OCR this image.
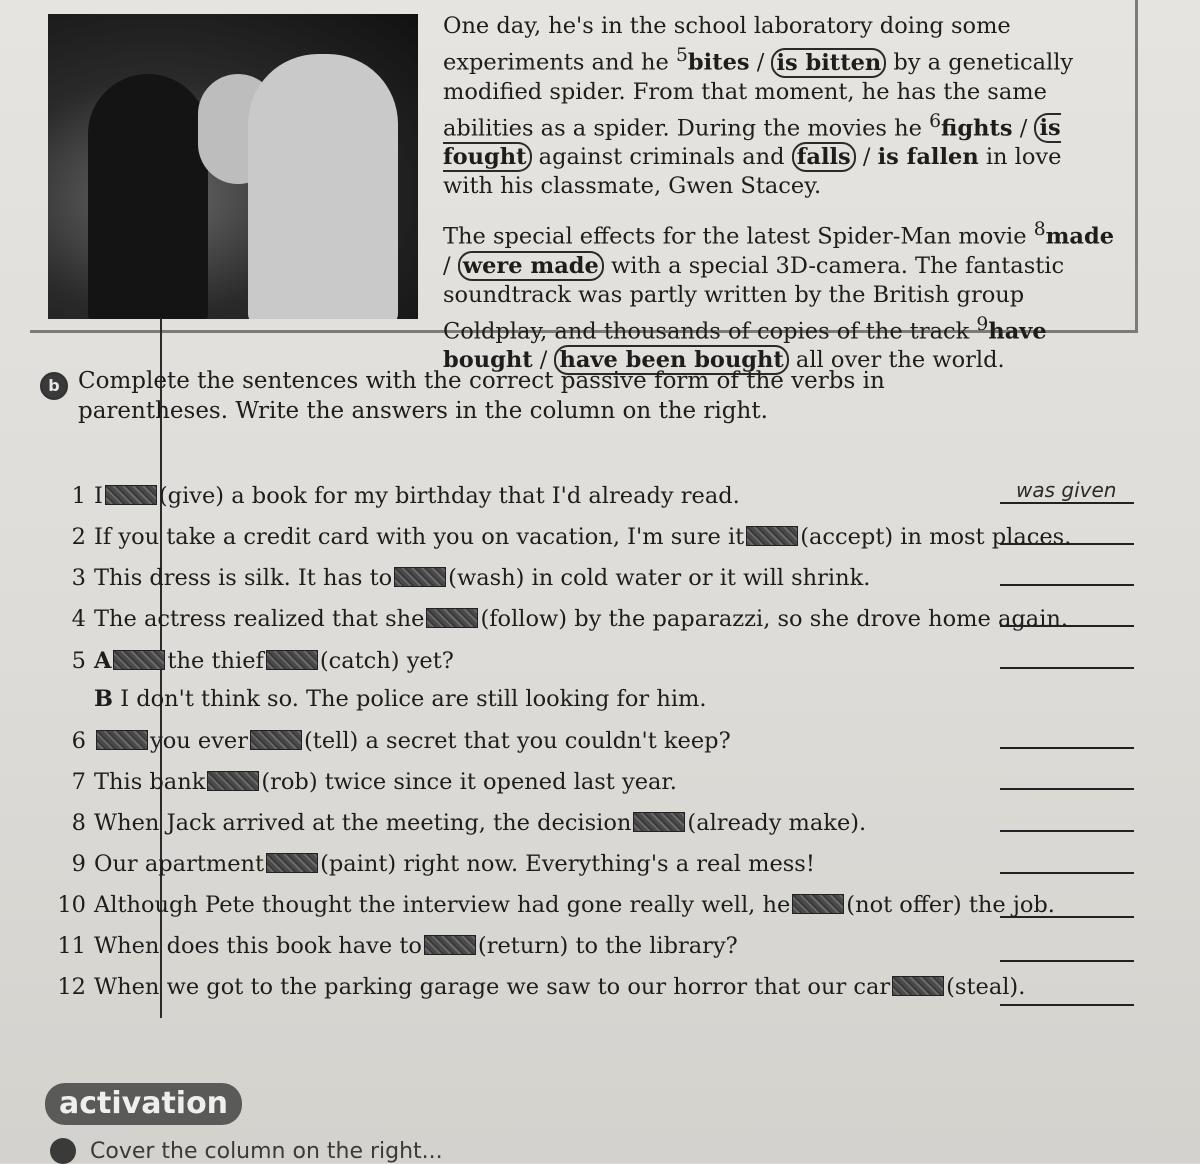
One day, he's in the school laboratory doing some experiments and he $^5$bites / is bitten by a genetically modified spider. From that moment, he has the same abilities as a spider. During the movies he $^6$fights / is fought against criminals and falls / is fallen in love with his classmate, Gwen Stacey.

The special effects for the latest Spider-Man movie $^8$made / were made with a special 3D-camera. The fantastic soundtrack was partly written by the British group Coldplay, and thousands of copies of the track $^9$have bought / have been bought all over the world.

b Complete the sentences with the correct passive form of the verbs in parentheses. Write the answers in the column on the right.
1 I (give) a book for my birthday that I'd already read.	was given
2 If you take a credit card with you on vacation, I'm sure it (accept) in most places.
3 This dress is silk. It has to (wash) in cold water or it will shrink.
4 The actress realized that she (follow) by the paparazzi, so she drove home again.
5 A the thief (catch) yet?
B I don't think so. The police are still looking for him.
6	you ever (tell) a secret that you couldn't keep?
7 This bank (rob) twice since it opened last year.
8 When Jack arrived at the meeting, the decision (already make).
9 Our apartment (paint) right now. Everything's a real mess!
10 Although Pete thought the interview had gone really well, he (not offer) the job.
11 When does this book have to (return) to the library?
12 When we got to the parking garage we saw to our horror that our car (steal).
activation
Cover the column on the right...
